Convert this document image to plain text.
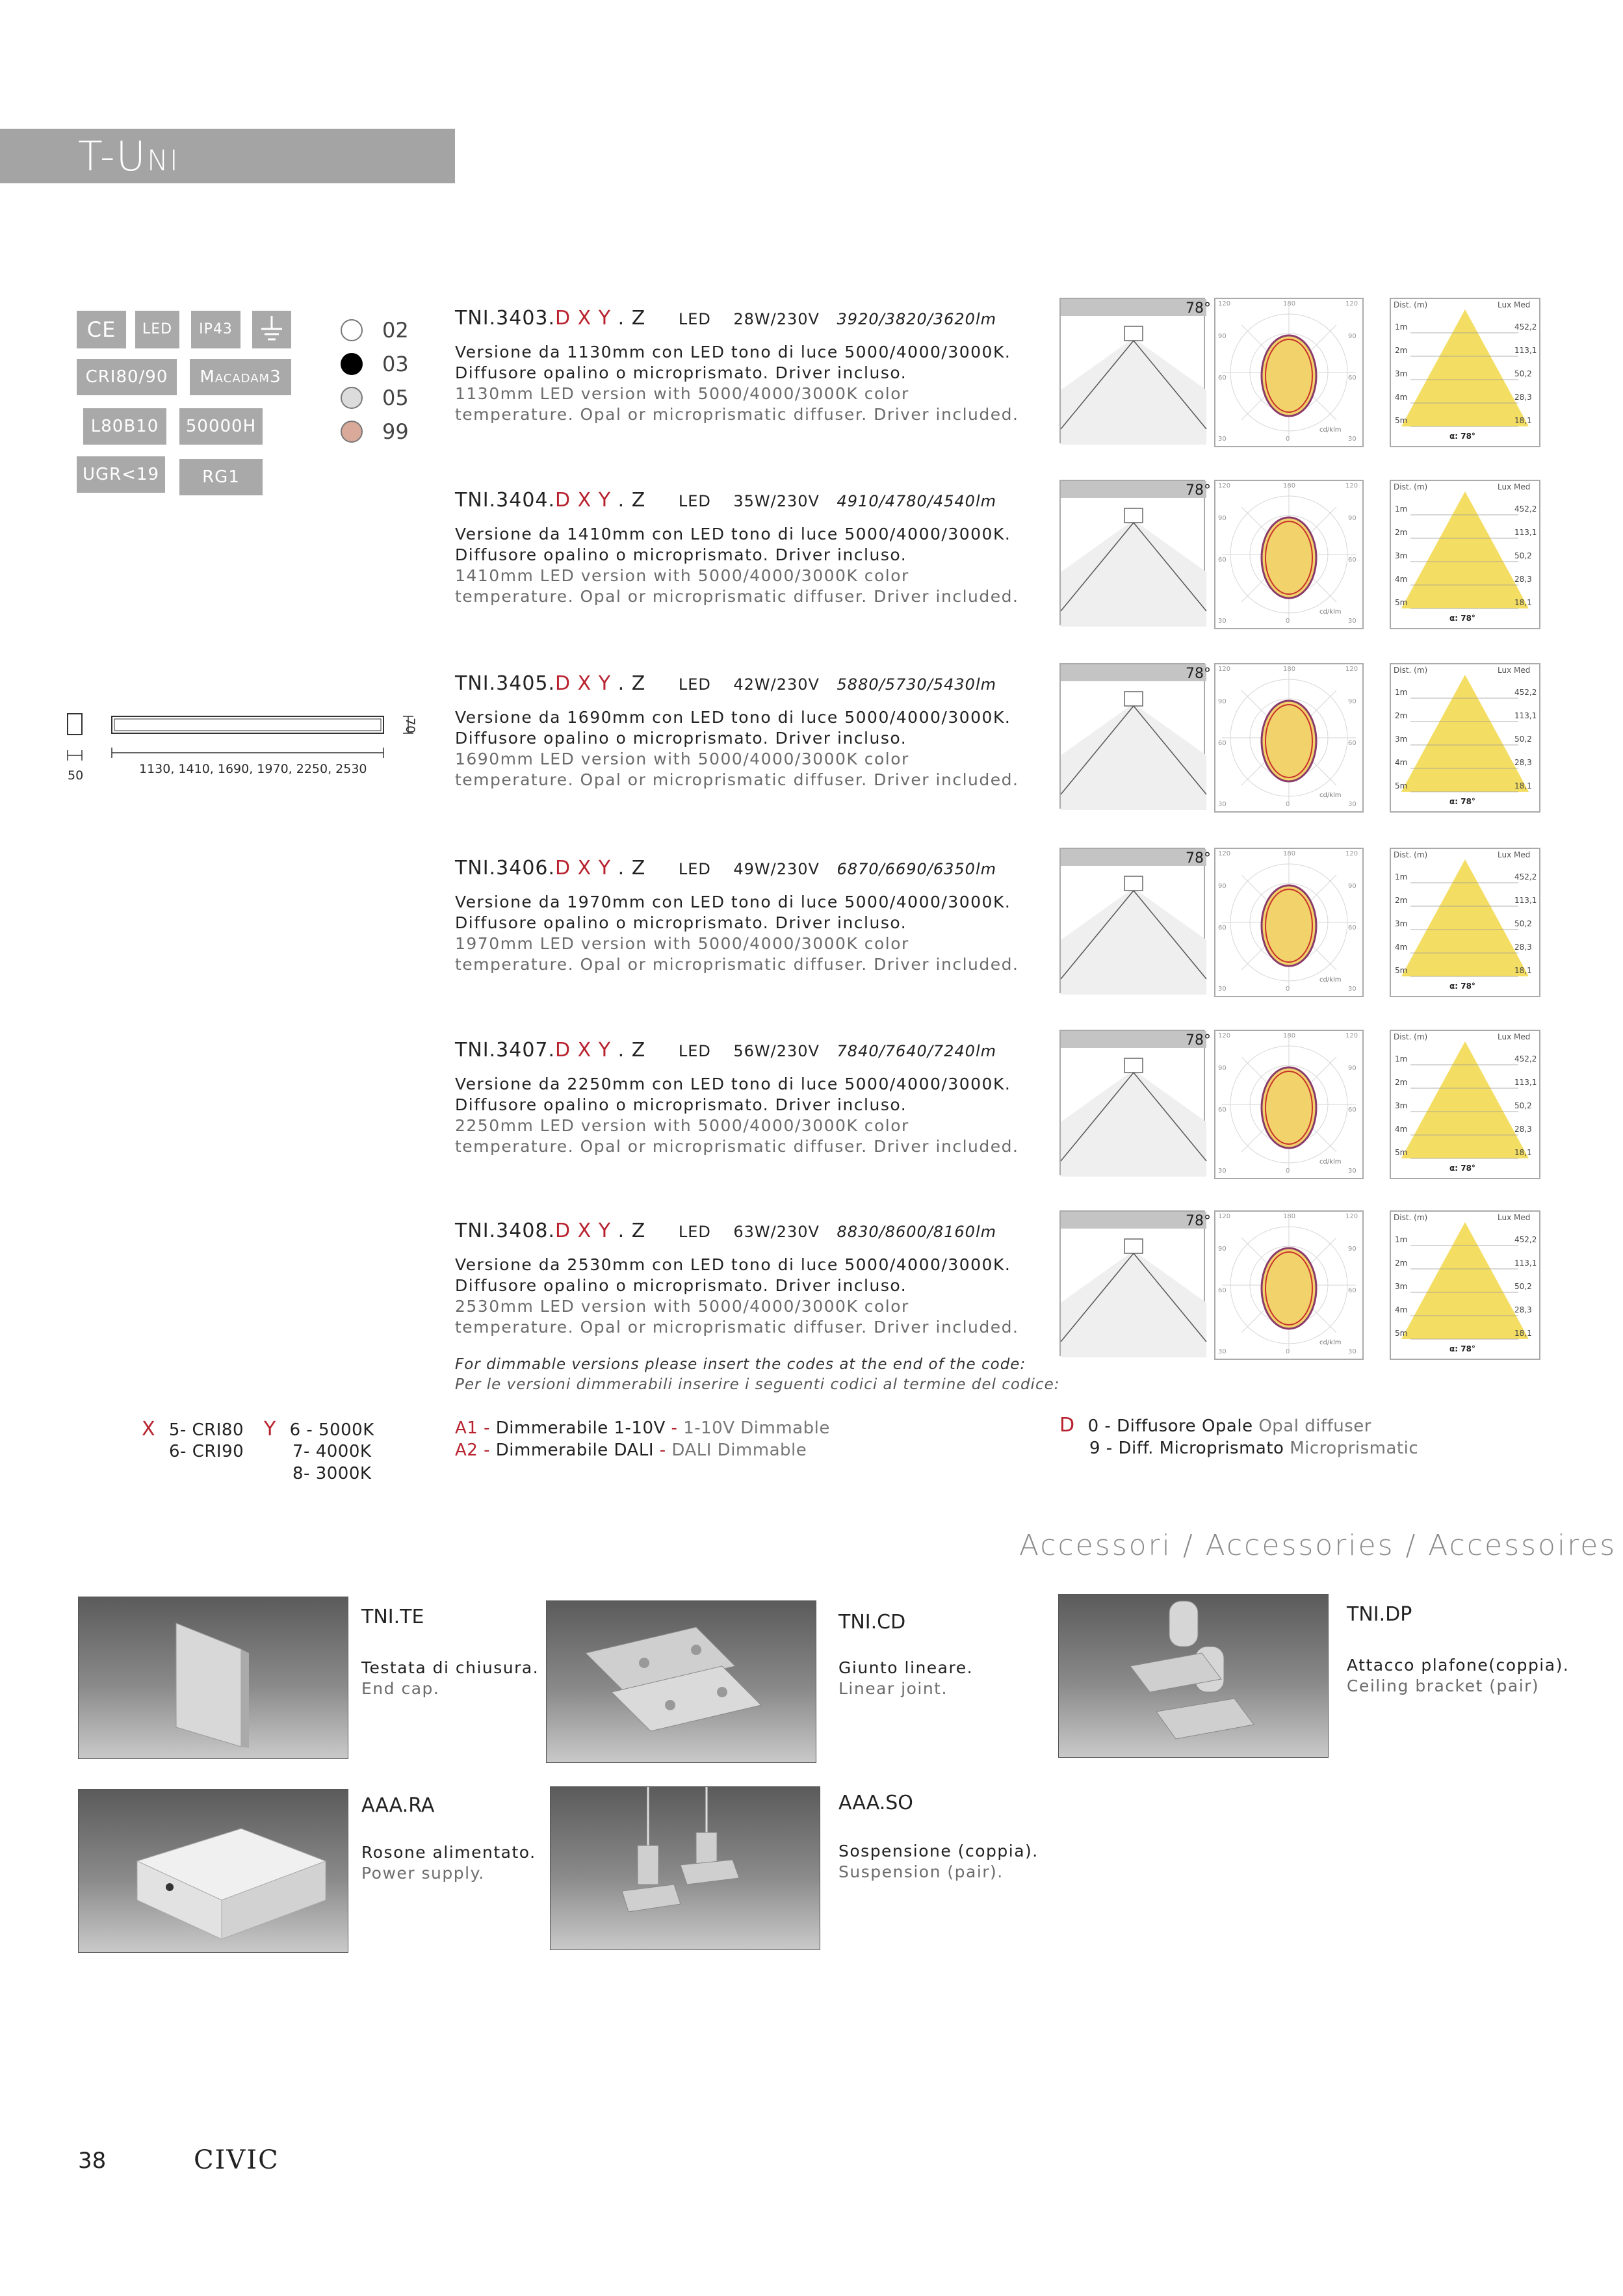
T-UNI
CE	LED	IP43
CRI80/90	Macadam3
L80B10	50000H
UGR<19	RG1
02
03
05
99
50	1130, 1410, 1690, 1970, 2250, 2530
70
TNI.3403.D X Y . Z LED 28W/230V 3920/3820/3620lm
Versione da 1130mm con LED tono di luce 5000/4000/3000K.
Diffusore opalino o microprismato. Driver incluso.
1130mm LED version with 5000/4000/3000K color
temperature. Opal or microprismatic diffuser. Driver included.
78° 120	180	120
90	90
60	60
30	0	30
cd/klm
Dist. (m)	Lux Med
1m	452,2
2m	113,1
3m	50,2
4m	28,3
5m	18,1
α: 78°
TNI.3404.D X Y . Z LED 35W/230V 4910/4780/4540lm
Versione da 1410mm con LED tono di luce 5000/4000/3000K.
Diffusore opalino o microprismato. Driver incluso.
1410mm LED version with 5000/4000/3000K color
temperature. Opal or microprismatic diffuser. Driver included.
78° 120	180	120
90	90
60	60
30	0	30
cd/klm
Dist. (m)	Lux Med
1m	452,2
2m	113,1
3m	50,2
4m	28,3
5m	18,1
α: 78°
TNI.3405.D X Y . Z LED 42W/230V 5880/5730/5430lm
Versione da 1690mm con LED tono di luce 5000/4000/3000K.
Diffusore opalino o microprismato. Driver incluso.
1690mm LED version with 5000/4000/3000K color
temperature. Opal or microprismatic diffuser. Driver included.
78° 120	180	120
90	90
60	60
30	0	30
cd/klm
Dist. (m)	Lux Med
1m	452,2
2m	113,1
3m	50,2
4m	28,3
5m	18,1
α: 78°
TNI.3406.D X Y . Z LED 49W/230V 6870/6690/6350lm
Versione da 1970mm con LED tono di luce 5000/4000/3000K.
Diffusore opalino o microprismato. Driver incluso.
1970mm LED version with 5000/4000/3000K color
temperature. Opal or microprismatic diffuser. Driver included.
78° 120	180	120
90	90
60	60
30	0	30
cd/klm
Dist. (m)	Lux Med
1m	452,2
2m	113,1
3m	50,2
4m	28,3
5m	18,1
α: 78°
TNI.3407.D X Y . Z LED 56W/230V 7840/7640/7240lm
Versione da 2250mm con LED tono di luce 5000/4000/3000K.
Diffusore opalino o microprismato. Driver incluso.
2250mm LED version with 5000/4000/3000K color
temperature. Opal or microprismatic diffuser. Driver included.
78° 120	180	120
90	90
60	60
30	0	30
cd/klm
Dist. (m)	Lux Med
1m	452,2
2m	113,1
3m	50,2
4m	28,3
5m	18,1
α: 78°
TNI.3408.D X Y . Z LED 63W/230V 8830/8600/8160lm
Versione da 2530mm con LED tono di luce 5000/4000/3000K.
Diffusore opalino o microprismato. Driver incluso.
2530mm LED version with 5000/4000/3000K color
temperature. Opal or microprismatic diffuser. Driver included.
78° 120	180	120
90	90
60	60
30	0	30
cd/klm
Dist. (m)	Lux Med
1m	452,2
2m	113,1
3m	50,2
4m	28,3
5m	18,1
α: 78°
For dimmable versions please insert the codes at the end of the code:
Per le versioni dimmerabili inserire i seguenti codici al termine del codice:
X 5- CRI80
6- CRI90
Y 6 - 5000K
7- 4000K
8- 3000K
A1 - Dimmerabile 1-10V - 1-10V Dimmable
A2 - Dimmerabile DALI - DALI Dimmable
D 0 - Diffusore Opale Opal diffuser
9 - Diff. Microprismato Microprismatic
Accessori / Accessories / Accessoires
TNI.TE
Testata di chiusura.
End cap.
TNI.CD
Giunto lineare.
Linear joint.
TNI.DP
Attacco plafone(coppia).
Ceiling bracket (pair)
AAA.RA
Rosone alimentato.
Power supply.
AAA.SO
Sospensione (coppia).
Suspension (pair).
38	CIVIC
